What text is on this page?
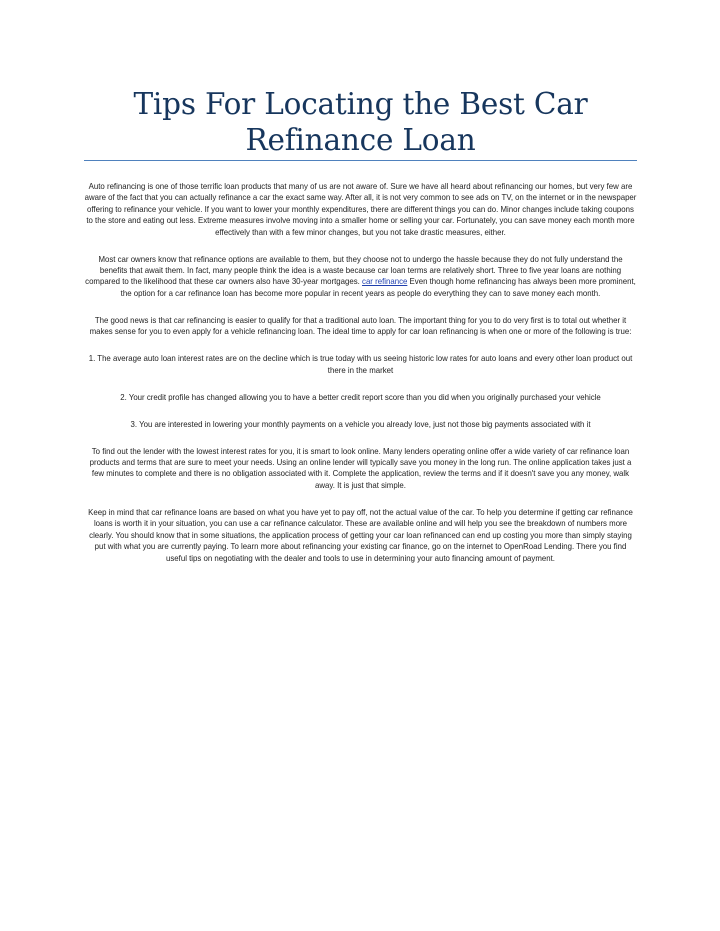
Tips For Locating the Best Car Refinance Loan

Auto refinancing is one of those terrific loan products that many of us are not aware of. Sure we have all heard about refinancing our homes, but very few are aware of the fact that you can actually refinance a car the exact same way. After all, it is not very common to see ads on TV, on the internet or in the newspaper offering to refinance your vehicle. If you want to lower your monthly expenditures, there are different things you can do. Minor changes include taking coupons to the store and eating out less. Extreme measures involve moving into a smaller home or selling your car. Fortunately, you can save money each month more effectively than with a few minor changes, but you not take drastic measures, either.

Most car owners know that refinance options are available to them, but they choose not to undergo the hassle because they do not fully understand the benefits that await them. In fact, many people think the idea is a waste because car loan terms are relatively short. Three to five year loans are nothing compared to the likelihood that these car owners also have 30-year mortgages. car refinance Even though home refinancing has always been more prominent, the option for a car refinance loan has become more popular in recent years as people do everything they can to save money each month.

The good news is that car refinancing is easier to qualify for that a traditional auto loan. The important thing for you to do very first is to total out whether it makes sense for you to even apply for a vehicle refinancing loan. The ideal time to apply for car loan refinancing is when one or more of the following is true:

1. The average auto loan interest rates are on the decline which is true today with us seeing historic low rates for auto loans and every other loan product out there in the market

2. Your credit profile has changed allowing you to have a better credit report score than you did when you originally purchased your vehicle

3. You are interested in lowering your monthly payments on a vehicle you already love, just not those big payments associated with it

To find out the lender with the lowest interest rates for you, it is smart to look online. Many lenders operating online offer a wide variety of car refinance loan products and terms that are sure to meet your needs. Using an online lender will typically save you money in the long run. The online application takes just a few minutes to complete and there is no obligation associated with it. Complete the application, review the terms and if it doesn't save you any money, walk away. It is just that simple.

Keep in mind that car refinance loans are based on what you have yet to pay off, not the actual value of the car. To help you determine if getting car refinance loans is worth it in your situation, you can use a car refinance calculator. These are available online and will help you see the breakdown of numbers more clearly. You should know that in some situations, the application process of getting your car loan refinanced can end up costing you more than simply staying put with what you are currently paying. To learn more about refinancing your existing car finance, go on the internet to OpenRoad Lending. There you find useful tips on negotiating with the dealer and tools to use in determining your auto financing amount of payment.
